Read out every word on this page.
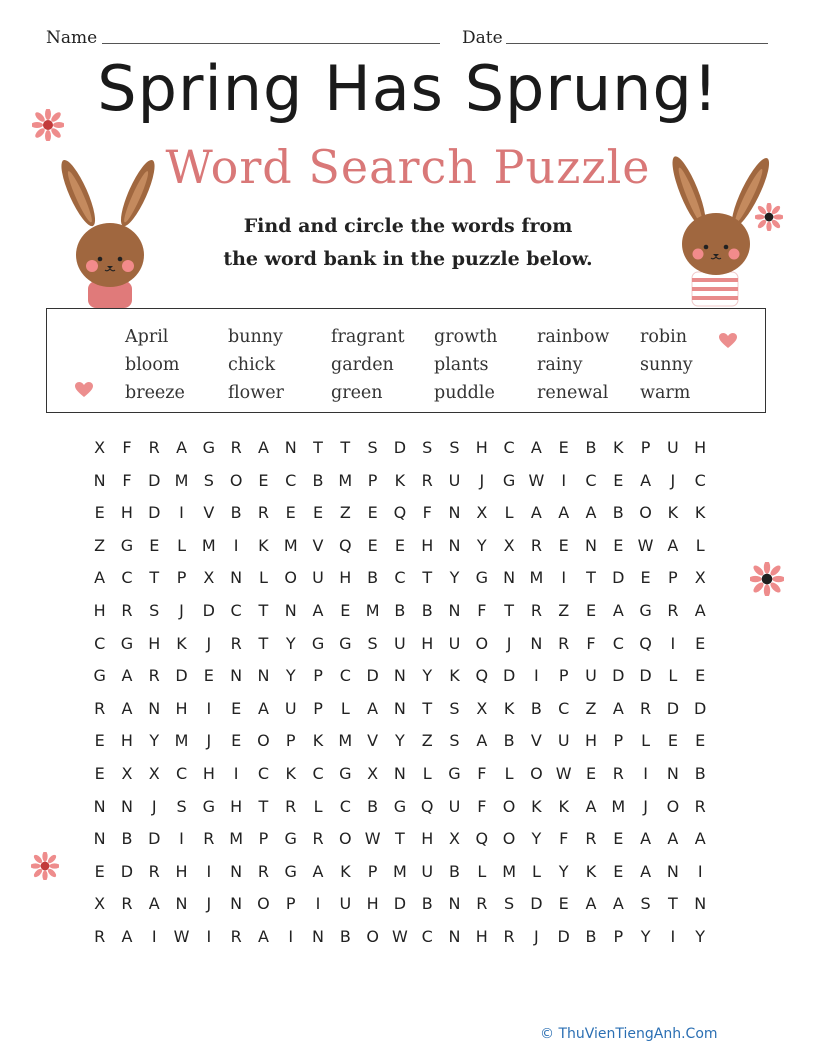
Name	Date
Spring Has Sprung!
Word Search Puzzle
Find and circle the words from
the word bank in the puzzle below.
April	bunny	fragrant	growth	rainbow	robin
bloom	chick	garden	plants	rainy	sunny
breeze	flower	green	puddle	renewal	warm
X	F	R	A G R	A N	T	T	S	D	S	S	H C	A	E	B	K	P	U H
N	F	D M S O E	C	B M P	K	R U	J	G W	I	C	E	A	J	C
E	H D	I	V	B	R	E	E	Z	E Q	F	N X	L	A	A	A	B O K	K
Z G	E	L M	I	K M V Q E	E	H N	Y	X	R	E	N	E W A	L
A	C	T	P	X N	L	O U H B	C	T	Y	G N M	I	T	D	E	P	X
H R	S	J	D C	T	N A	E M B	B N	F	T	R	Z	E	A G R	A
C G H	K	J	R	T	Y	G G	S	U H U O	J	N R	F	C Q	I	E
G A	R D	E	N N	Y	P	C D N	Y	K Q D	I	P	U D D	L	E
R	A N H	I	E	A U	P	L	A N	T	S	X	K	B	C	Z	A	R D D
E	H	Y M	J	E O	P	K M V	Y	Z	S	A	B	V U H	P	L	E	E
E	X	X	C H	I	C	K	C G X N	L	G	F	L	O W E	R	I	N B
N N	J	S	G H	T	R	L	C	B G Q U	F	O K	K	A M	J	O R
N B D	I	R M P	G R O W T	H X Q O	Y	F	R	E	A	A	A
E	D R H	I	N R G A	K	P M U B	L M L	Y	K	E	A N	I
X	R	A N	J	N O	P	I	U H D B N R	S	D	E	A	A	S	T	N
R	A	I	W	I	R	A	I	N B O W C N H R	J	D B	P	Y	I	Y
© ThuVienTiengAnh.Com
